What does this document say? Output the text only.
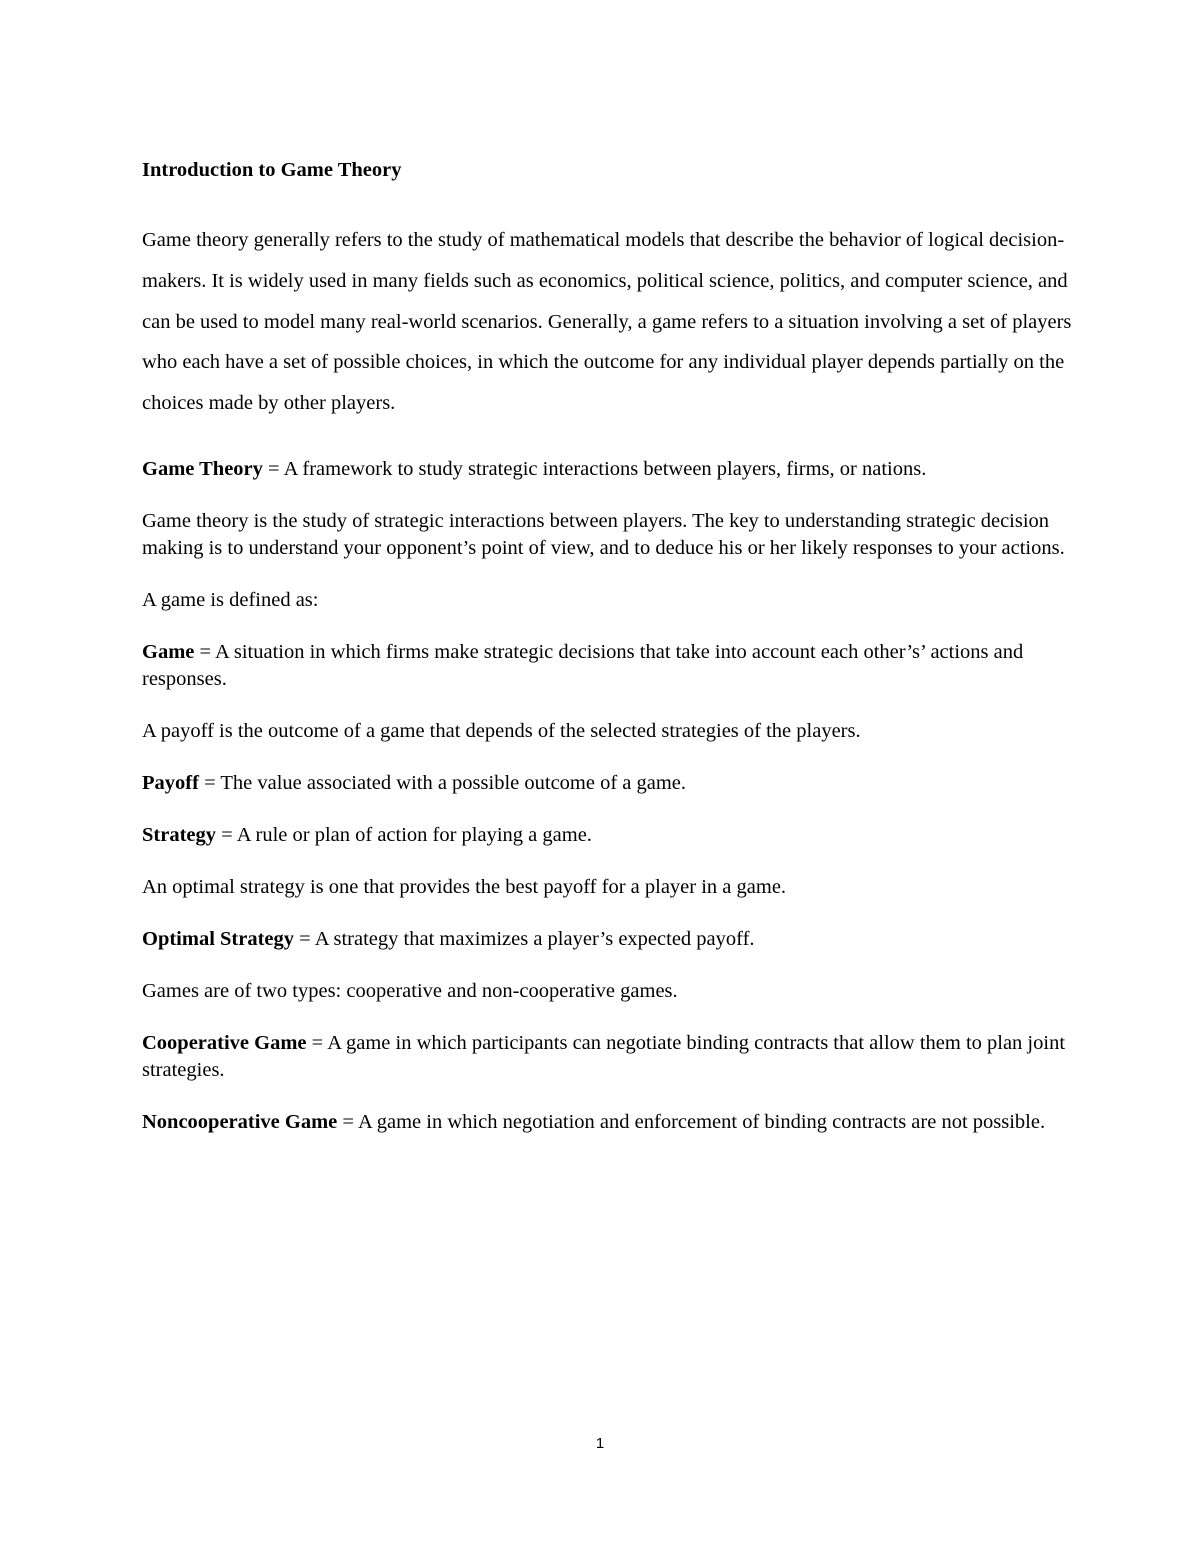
Introduction to Game Theory

Game theory generally refers to the study of mathematical models that describe the behavior of logical decision-makers. It is widely used in many fields such as economics, political science, politics, and computer science, and can be used to model many real-world scenarios. Generally, a game refers to a situation involving a set of players who each have a set of possible choices, in which the outcome for any individual player depends partially on the choices made by other players.

Game Theory = A framework to study strategic interactions between players, firms, or nations.

Game theory is the study of strategic interactions between players. The key to understanding strategic decision making is to understand your opponent’s point of view, and to deduce his or her likely responses to your actions.

A game is defined as:

Game = A situation in which firms make strategic decisions that take into account each other’s’ actions and responses.

A payoff is the outcome of a game that depends of the selected strategies of the players.

Payoff = The value associated with a possible outcome of a game.

Strategy = A rule or plan of action for playing a game.

An optimal strategy is one that provides the best payoff for a player in a game.

Optimal Strategy = A strategy that maximizes a player’s expected payoff.

Games are of two types: cooperative and non-cooperative games.

Cooperative Game = A game in which participants can negotiate binding contracts that allow them to plan joint strategies.

Noncooperative Game = A game in which negotiation and enforcement of binding contracts are not possible.

1
